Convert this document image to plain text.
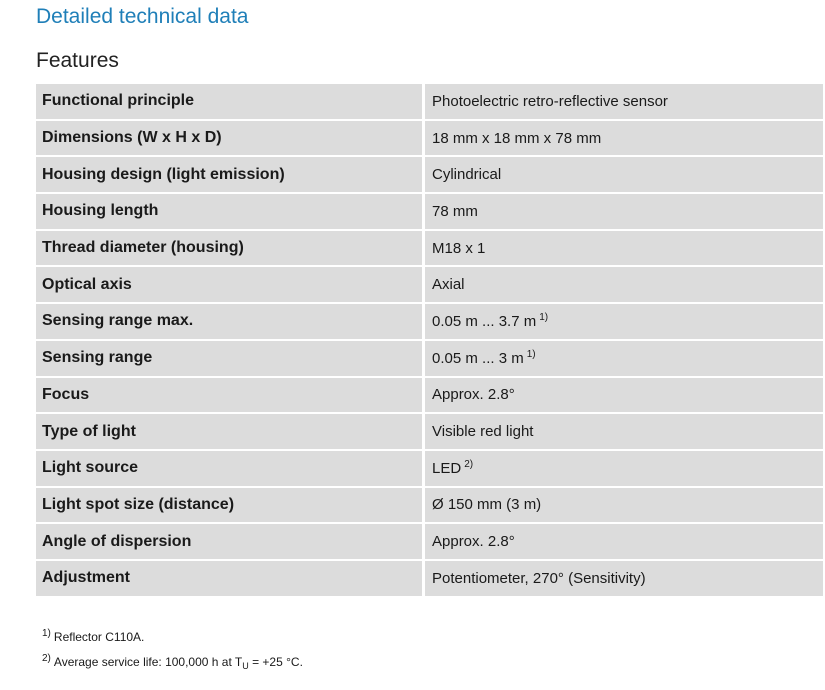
Detailed technical data
Features
Functional principle	Photoelectric retro-reflective sensor
Dimensions (W x H x D)	18 mm x 18 mm x 78 mm
Housing design (light emission)	Cylindrical
Housing length	78 mm
Thread diameter (housing)	M18 x 1
Optical axis	Axial
Sensing range max.	0.05 m ... 3.7 m $^{1)}$
Sensing range	0.05 m ... 3 m $^{1)}$
Focus	Approx. 2.8°
Type of light	Visible red light
Light source	LED $^{2)}$
Light spot size (distance)	Ø 150 mm (3 m)
Angle of dispersion	Approx. 2.8°
Adjustment	Potentiometer, 270° (Sensitivity)
$^{1)}$ Reflector C110A.
$^{2)}$ Average service life: 100,000 h at $T_U = +25$ °C.
